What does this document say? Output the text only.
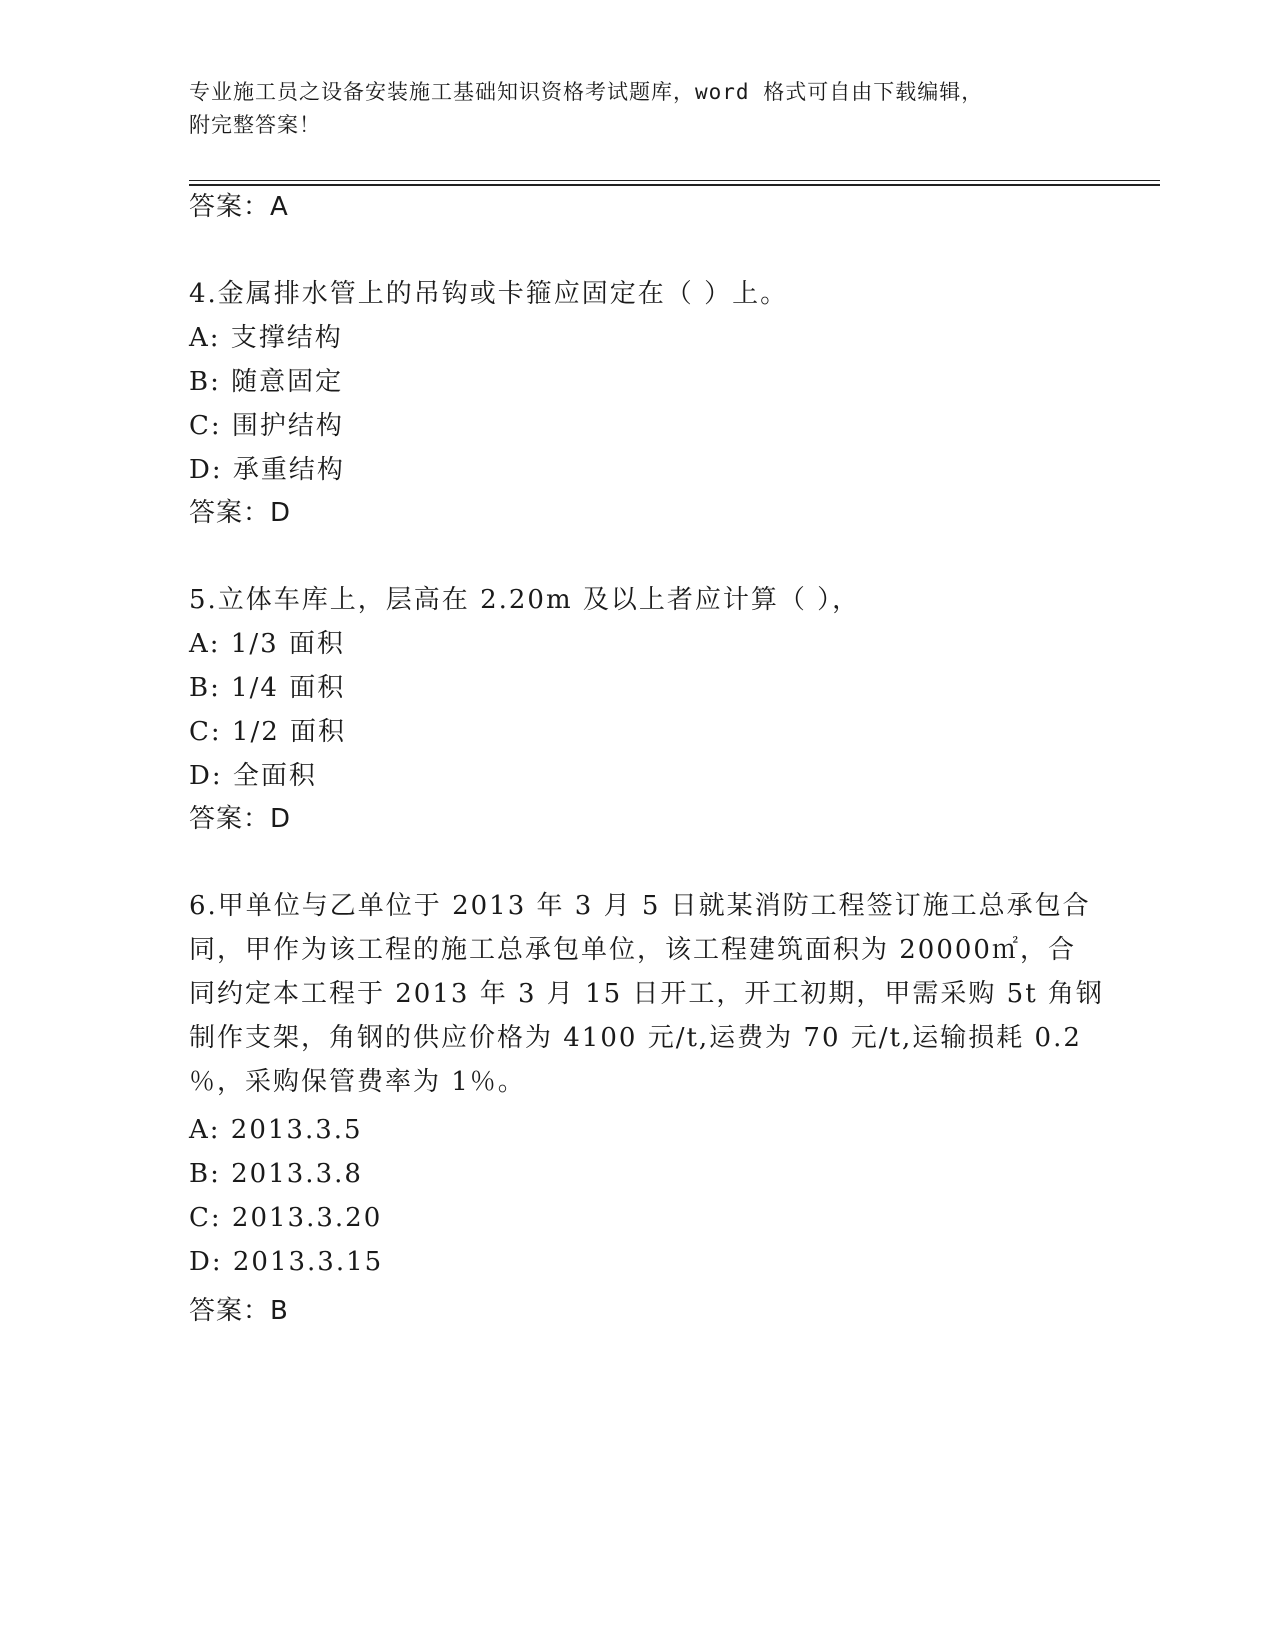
专业施工员之设备安装施工基础知识资格考试题库，word 格式可自由下载编辑，
附完整答案！
答案：A
4.金属排水管上的吊钩或卡箍应固定在（ ）上。
A: 支撑结构
B: 随意固定
C: 围护结构
D: 承重结构
答案：D
5.立体车库上，层高在 2.20m 及以上者应计算（ ），
A: 1/3 面积
B: 1/4 面积
C: 1/2 面积
D: 全面积
答案：D
6.甲单位与乙单位于 2013 年 3 月 5 日就某消防工程签订施工总承包合
同，甲作为该工程的施工总承包单位，该工程建筑面积为 20000㎡，合
同约定本工程于 2013 年 3 月 15 日开工，开工初期，甲需采购 5t 角钢
制作支架，角钢的供应价格为 4100 元/t,运费为 70 元/t,运输损耗 0.2
％，采购保管费率为 1％。
A: 2013.3.5
B: 2013.3.8
C: 2013.3.20
D: 2013.3.15
答案：B
